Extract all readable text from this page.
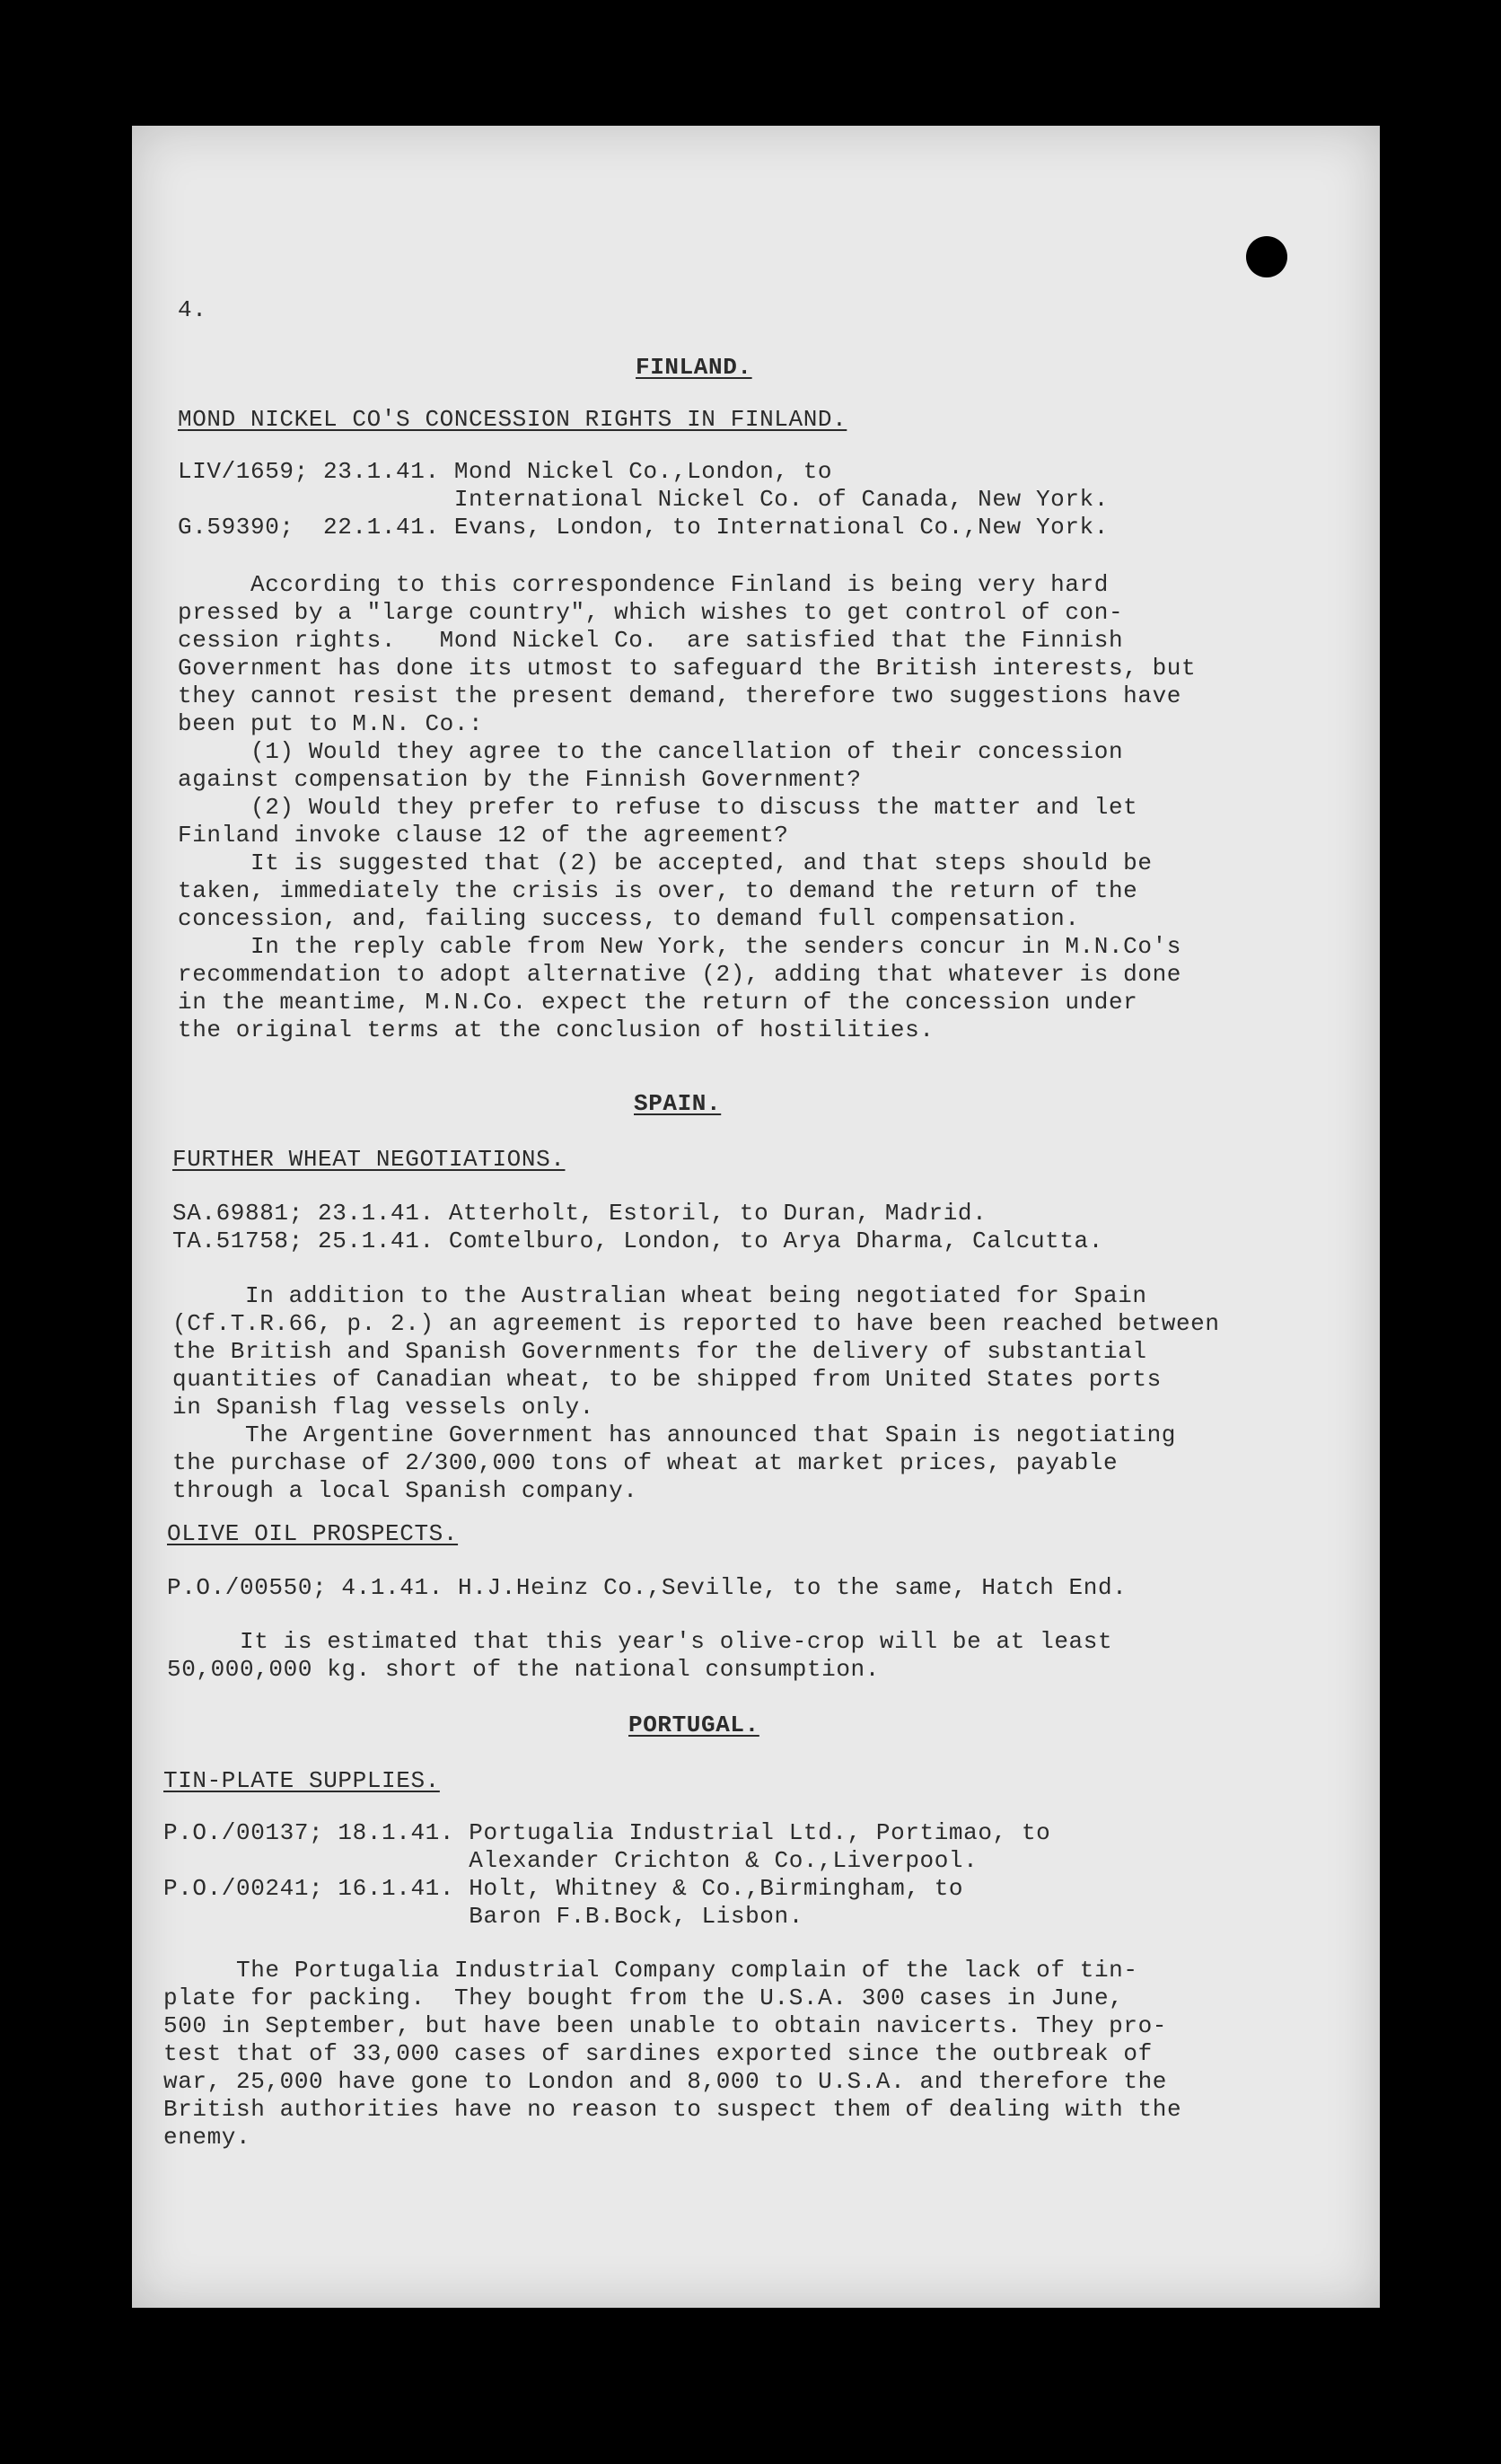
4.
FINLAND.
MOND NICKEL CO'S CONCESSION RIGHTS IN FINLAND.
LIV/1659; 23.1.41. Mond Nickel Co.,London, to
International Nickel Co. of Canada, New York.
G.59390;  22.1.41. Evans, London, to International Co.,New York.
According to this correspondence Finland is being very hard
pressed by a "large country", which wishes to get control of con-
cession rights.   Mond Nickel Co.  are satisfied that the Finnish
Government has done its utmost to safeguard the British interests, but
they cannot resist the present demand, therefore two suggestions have
been put to M.N. Co.:
(1) Would they agree to the cancellation of their concession
against compensation by the Finnish Government?
(2) Would they prefer to refuse to discuss the matter and let
Finland invoke clause 12 of the agreement?
It is suggested that (2) be accepted, and that steps should be
taken, immediately the crisis is over, to demand the return of the
concession, and, failing success, to demand full compensation.
In the reply cable from New York, the senders concur in M.N.Co's
recommendation to adopt alternative (2), adding that whatever is done
in the meantime, M.N.Co. expect the return of the concession under
the original terms at the conclusion of hostilities.
SPAIN.
FURTHER WHEAT NEGOTIATIONS.
SA.69881; 23.1.41. Atterholt, Estoril, to Duran, Madrid.
TA.51758; 25.1.41. Comtelburo, London, to Arya Dharma, Calcutta.
In addition to the Australian wheat being negotiated for Spain
(Cf.T.R.66, p. 2.) an agreement is reported to have been reached between
the British and Spanish Governments for the delivery of substantial
quantities of Canadian wheat, to be shipped from United States ports
in Spanish flag vessels only.
The Argentine Government has announced that Spain is negotiating
the purchase of 2/300,000 tons of wheat at market prices, payable
through a local Spanish company.
OLIVE OIL PROSPECTS.
P.O./00550; 4.1.41. H.J.Heinz Co.,Seville, to the same, Hatch End.
It is estimated that this year's olive-crop will be at least
50,000,000 kg. short of the national consumption.
PORTUGAL.
TIN-PLATE SUPPLIES.
P.O./00137; 18.1.41. Portugalia Industrial Ltd., Portimao, to
Alexander Crichton & Co.,Liverpool.
P.O./00241; 16.1.41. Holt, Whitney & Co.,Birmingham, to
Baron F.B.Bock, Lisbon.
The Portugalia Industrial Company complain of the lack of tin-
plate for packing.  They bought from the U.S.A. 300 cases in June,
500 in September, but have been unable to obtain navicerts. They pro-
test that of 33,000 cases of sardines exported since the outbreak of
war, 25,000 have gone to London and 8,000 to U.S.A. and therefore the
British authorities have no reason to suspect them of dealing with the
enemy.
